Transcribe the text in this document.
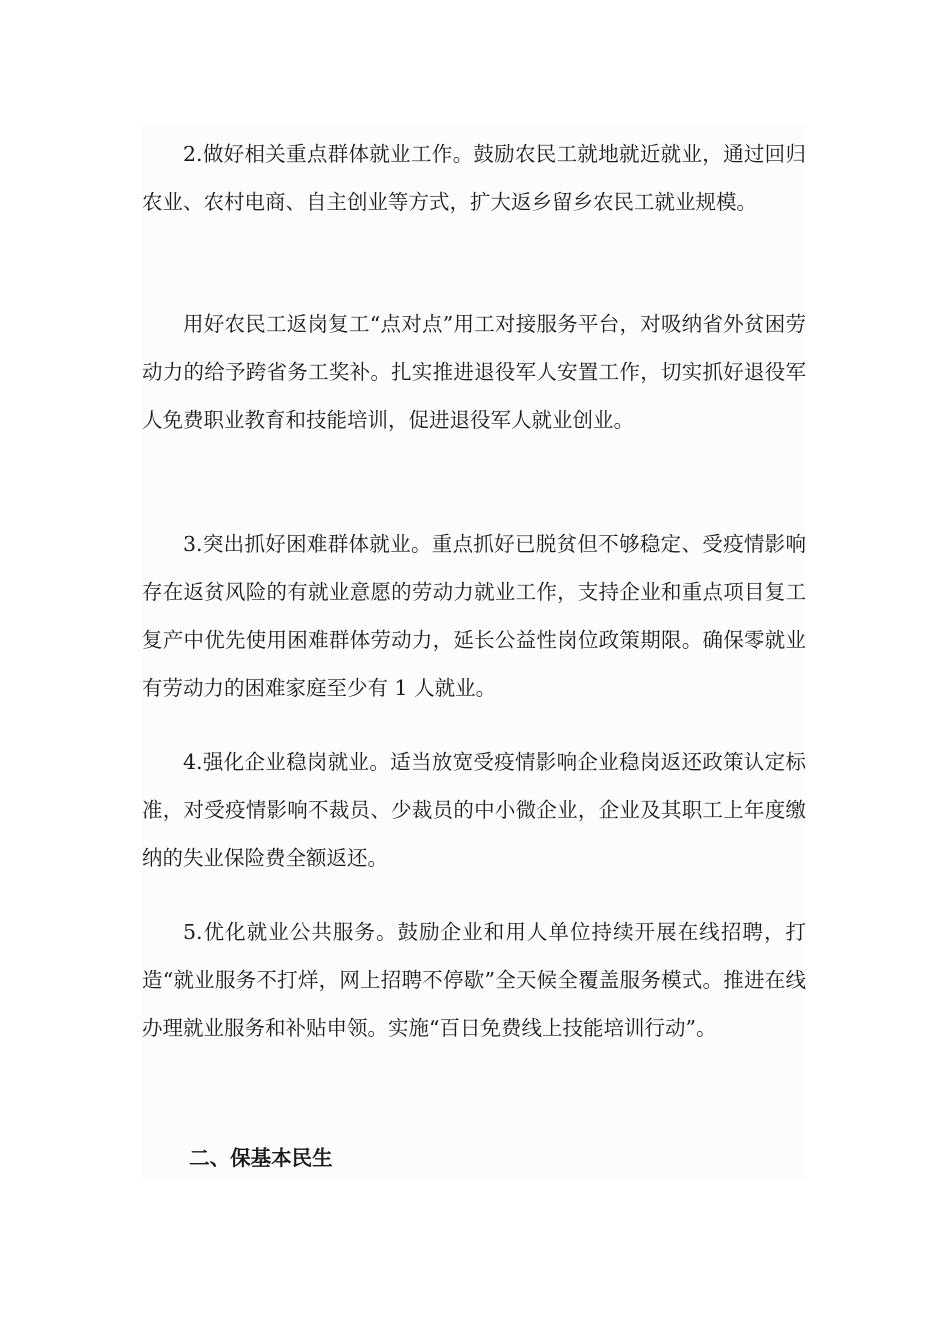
2.做好相关重点群体就业工作。鼓励农民工就地就近就业，通过回归农业、农村电商、自主创业等方式，扩大返乡留乡农民工就业规模。

用好农民工返岗复工“点对点”用工对接服务平台，对吸纳省外贫困劳动力的给予跨省务工奖补。扎实推进退役军人安置工作，切实抓好退役军人免费职业教育和技能培训，促进退役军人就业创业。

3.突出抓好困难群体就业。重点抓好已脱贫但不够稳定、受疫情影响存在返贫风险的有就业意愿的劳动力就业工作，支持企业和重点项目复工复产中优先使用困难群体劳动力，延长公益性岗位政策期限。确保零就业有劳动力的困难家庭至少有 1 人就业。

4.强化企业稳岗就业。适当放宽受疫情影响企业稳岗返还政策认定标准，对受疫情影响不裁员、少裁员的中小微企业，企业及其职工上年度缴纳的失业保险费全额返还。

5.优化就业公共服务。鼓励企业和用人单位持续开展在线招聘，打造“就业服务不打烊，网上招聘不停歇”全天候全覆盖服务模式。推进在线办理就业服务和补贴申领。实施“百日免费线上技能培训行动”。

二、保基本民生
